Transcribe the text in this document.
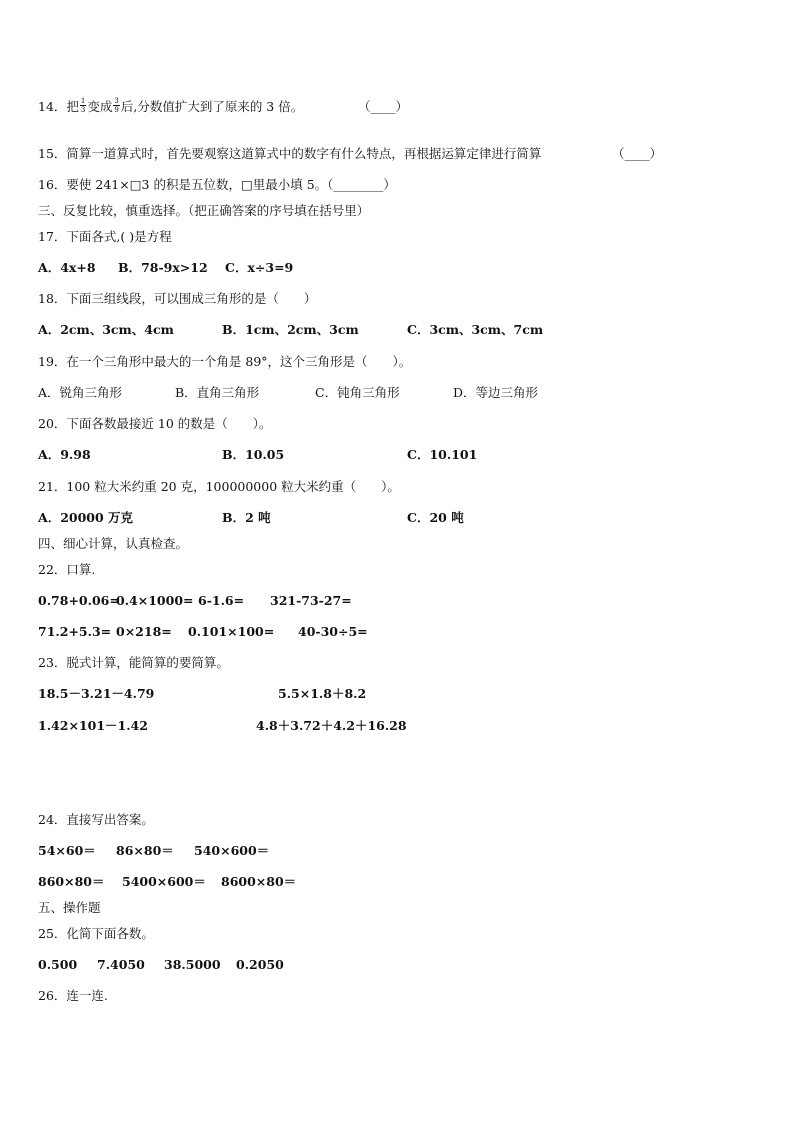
14．把 $\frac{1}{3}$ 变成 $\frac{3}{9}$ 后,分数值扩大到了原来的 3 倍。	（____）
15．简算一道算式时，首先要观察这道算式中的数字有什么特点，再根据运算定律进行简算	（____）
16．要使 241×□3 的积是五位数，□里最小填 5。（________）
三、反复比较，慎重选择。（把正确答案的序号填在括号里）
17．下面各式,( )是方程
A．4x+8 B．78-9x>12 C．x÷3=9
18．下面三组线段，可以围成三角形的是（　　）
A．2cm、3cm、4cm	B．1cm、2cm、3cm	C．3cm、3cm、7cm
19．在一个三角形中最大的一个角是 89°，这个三角形是（　　）。
A．锐角三角形	B．直角三角形	C．钝角三角形	D．等边三角形
20．下面各数最接近 10 的数是（　　）。
A．9.98	B．10.05	C．10.101
21．100 粒大米约重 20 克，100000000 粒大米约重（　　）。
A．20000 万克	B．2 吨	C．20 吨
四、细心计算，认真检查。
22．口算.
0.78+0.06=
0.4×1000= 6-1.6= 321-73-27=
71.2+5.3= 0×218= 0.101×100= 40-30÷5=
23．脱式计算，能简算的要简算。
18.5－3.21－4.79	5.5×1.8＋8.2
1.42×101－1.42	4.8＋3.72＋4.2＋16.28
24．直接写出答案。
54×60＝ 86×80＝ 540×600＝
860×80＝ 5400×600＝ 8600×80＝
五、操作题
25．化简下面各数。
0.500 7.4050 38.5000 0.2050
26．连一连.
